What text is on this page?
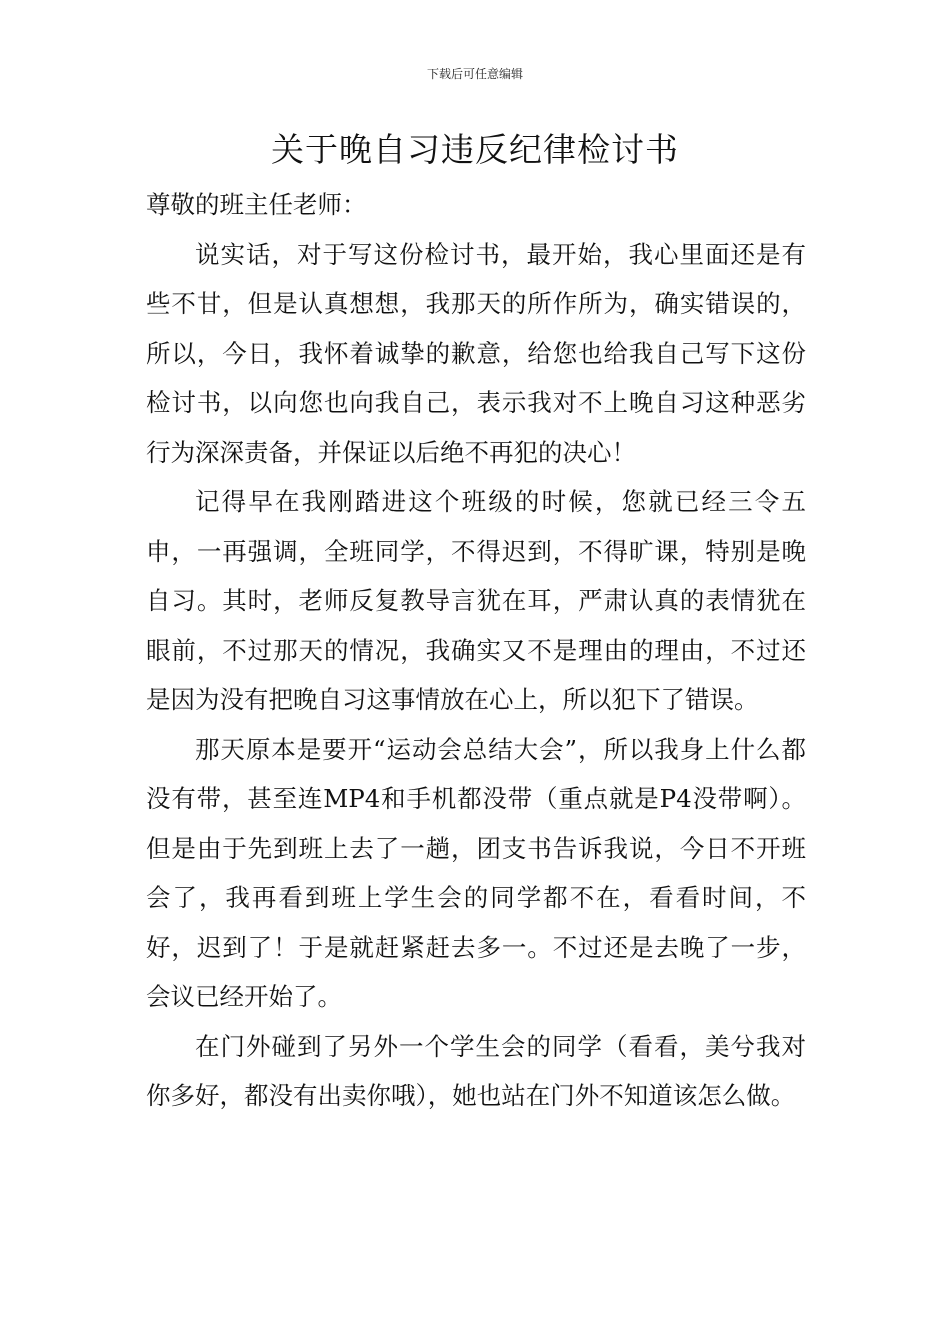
下载后可任意编辑
关于晚自习违反纪律检讨书

尊敬的班主任老师：

说实话，对于写这份检讨书，最开始，我心里面还是有些不甘，但是认真想想，我那天的所作所为，确实错误的，所以，今日，我怀着诚挚的歉意，给您也给我自己写下这份检讨书，以向您也向我自己，表示我对不上晚自习这种恶劣行为深深责备，并保证以后绝不再犯的决心！

记得早在我刚踏进这个班级的时候，您就已经三令五申，一再强调，全班同学，不得迟到，不得旷课，特别是晚自习。其时，老师反复教导言犹在耳，严肃认真的表情犹在眼前，不过那天的情况，我确实又不是理由的理由，不过还是因为没有把晚自习这事情放在心上，所以犯下了错误。

那天原本是要开“运动会总结大会”，所以我身上什么都没有带，甚至连MP4和手机都没带（重点就是P4没带啊）。但是由于先到班上去了一趟，团支书告诉我说，今日不开班会了，我再看到班上学生会的同学都不在，看看时间，不好，迟到了！于是就赶紧赶去多一。不过还是去晚了一步，会议已经开始了。

在门外碰到了另外一个学生会的同学（看看，美兮我对你多好，都没有出卖你哦），她也站在门外不知道该怎么做。
